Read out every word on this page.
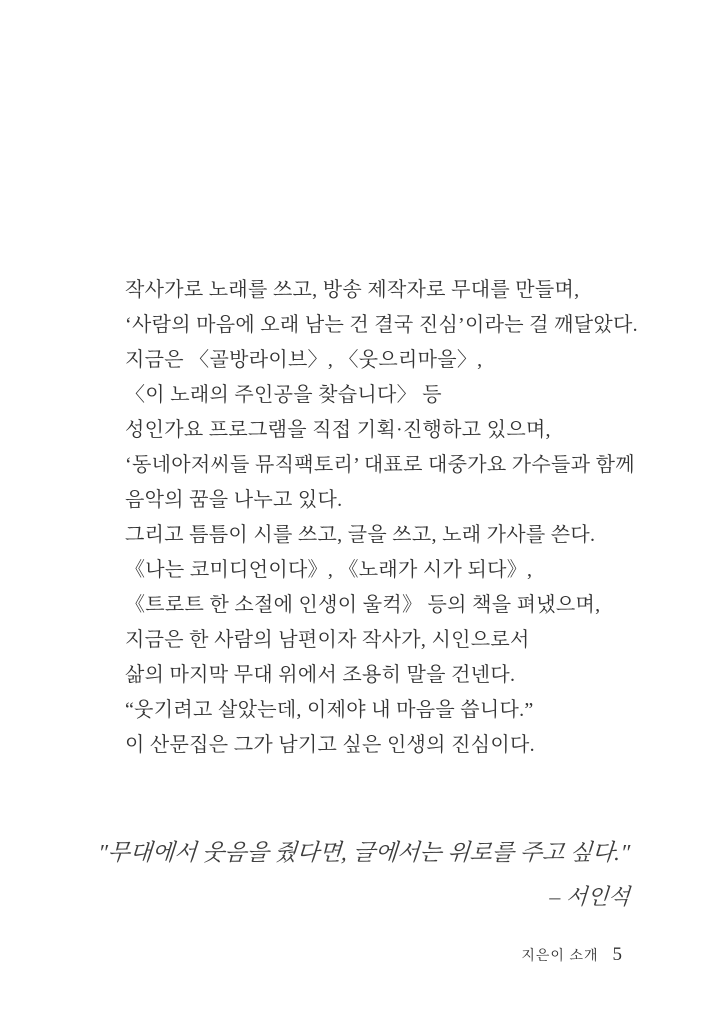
작사가로 노래를 쓰고, 방송 제작자로 무대를 만들며,
‘사람의 마음에 오래 남는 건 결국 진심’이라는 걸 깨달았다.
지금은 〈골방라이브〉, 〈웃으리마을〉,
〈이 노래의 주인공을 찾습니다〉 등
성인가요 프로그램을 직접 기획·진행하고 있으며,
‘동네아저씨들 뮤직팩토리’ 대표로 대중가요 가수들과 함께
음악의 꿈을 나누고 있다.
그리고 틈틈이 시를 쓰고, 글을 쓰고, 노래 가사를 쓴다.
《나는 코미디언이다》, 《노래가 시가 되다》,
《트로트 한 소절에 인생이 울컥》 등의 책을 펴냈으며,
지금은 한 사람의 남편이자 작사가, 시인으로서
삶의 마지막 무대 위에서 조용히 말을 건넨다.
“웃기려고 살았는데, 이제야 내 마음을 씁니다.”
이 산문집은 그가 남기고 싶은 인생의 진심이다.
"무대에서 웃음을 줬다면, 글에서는 위로를 주고 싶다."
– 서인석
지은이 소개 5
